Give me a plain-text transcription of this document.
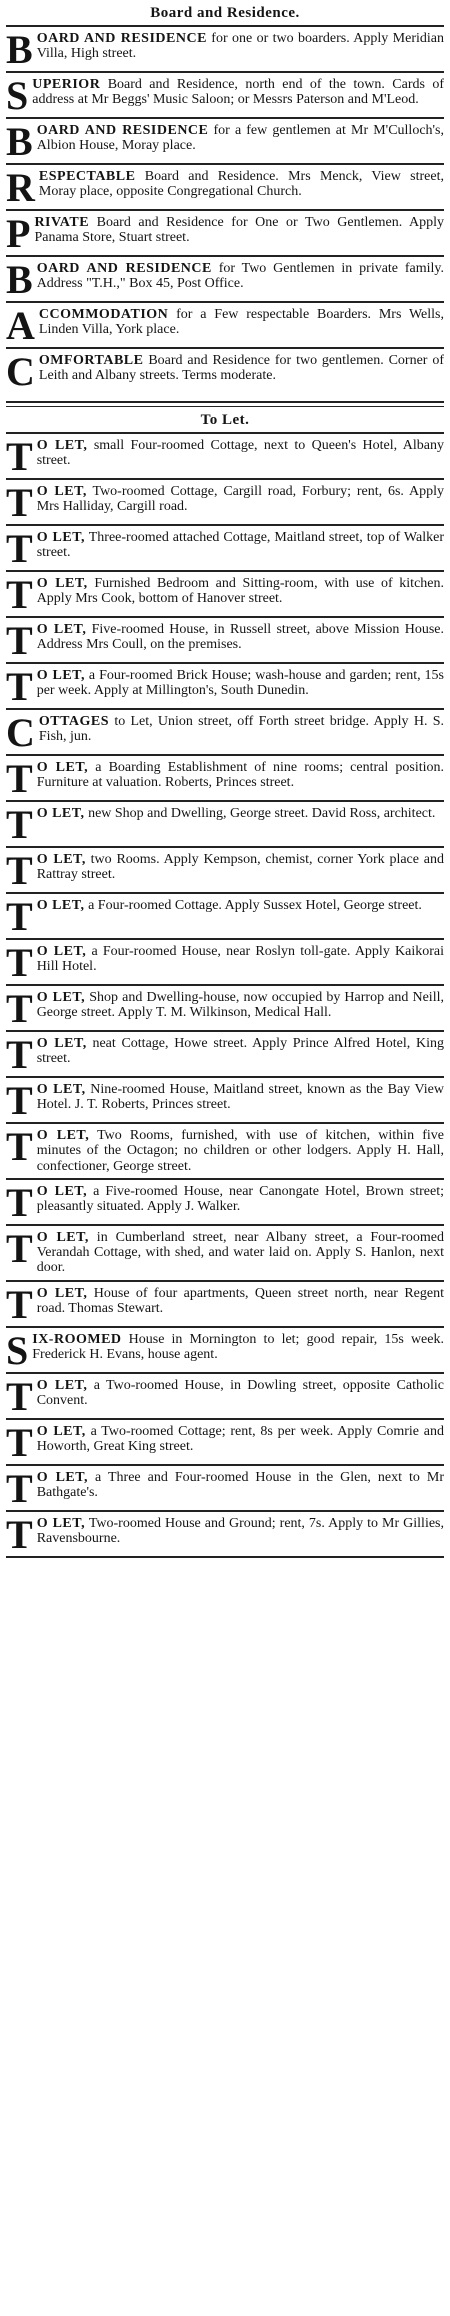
Board and Residence.
B OARD AND RESIDENCE for one or two boarders. Apply Meridian Villa, High street.
S UPERIOR Board and Residence, north end of the town. Cards of address at Mr Beggs' Music Saloon; or Messrs Paterson and M'Leod.
B OARD AND RESIDENCE for a few gentlemen at Mr M'Culloch's, Albion House, Moray place.
R ESPECTABLE Board and Residence. Mrs Menck, View street, Moray place, opposite Congregational Church.
P RIVATE Board and Residence for One or Two Gentlemen. Apply Panama Store, Stuart street.
B OARD AND RESIDENCE for Two Gentlemen in private family. Address "T.H.," Box 45, Post Office.
A CCOMMODATION for a Few respectable Boarders. Mrs Wells, Linden Villa, York place.
C OMFORTABLE Board and Residence for two gentlemen. Corner of Leith and Albany streets. Terms moderate.
To Let.
T O LET, small Four-roomed Cottage, next to Queen's Hotel, Albany street.
T O LET, Two-roomed Cottage, Cargill road, Forbury; rent, 6s. Apply Mrs Halliday, Cargill road.
T O LET, Three-roomed attached Cottage, Maitland street, top of Walker street.
T O LET, Furnished Bedroom and Sitting-room, with use of kitchen. Apply Mrs Cook, bottom of Hanover street.
T O LET, Five-roomed House, in Russell street, above Mission House. Address Mrs Coull, on the premises.
T O LET, a Four-roomed Brick House; wash-house and garden; rent, 15s per week. Apply at Millington's, South Dunedin.
C OTTAGES to Let, Union street, off Forth street bridge. Apply H. S. Fish, jun.
T O LET, a Boarding Establishment of nine rooms; central position. Furniture at valuation. Roberts, Princes street.
T O LET, new Shop and Dwelling, George street. David Ross, architect.
T O LET, two Rooms. Apply Kempson, chemist, corner York place and Rattray street.
T O LET, a Four-roomed Cottage. Apply Sussex Hotel, George street.
T O LET, a Four-roomed House, near Roslyn toll-gate. Apply Kaikorai Hill Hotel.
T O LET, Shop and Dwelling-house, now occupied by Harrop and Neill, George street. Apply T. M. Wilkinson, Medical Hall.
T O LET, neat Cottage, Howe street. Apply Prince Alfred Hotel, King street.
T O LET, Nine-roomed House, Maitland street, known as the Bay View Hotel. J. T. Roberts, Princes street.
T O LET, Two Rooms, furnished, with use of kitchen, within five minutes of the Octagon; no children or other lodgers. Apply H. Hall, confectioner, George street.
T O LET, a Five-roomed House, near Canongate Hotel, Brown street; pleasantly situated. Apply J. Walker.
T O LET, in Cumberland street, near Albany street, a Four-roomed Verandah Cottage, with shed, and water laid on. Apply S. Hanlon, next door.
T O LET, House of four apartments, Queen street north, near Regent road. Thomas Stewart.
S IX-ROOMED House in Mornington to let; good repair, 15s week. Frederick H. Evans, house agent.
T O LET, a Two-roomed House, in Dowling street, opposite Catholic Convent.
T O LET, a Two-roomed Cottage; rent, 8s per week. Apply Comrie and Howorth, Great King street.
T O LET, a Three and Four-roomed House in the Glen, next to Mr Bathgate's.
T O LET, Two-roomed House and Ground; rent, 7s. Apply to Mr Gillies, Ravensbourne.
